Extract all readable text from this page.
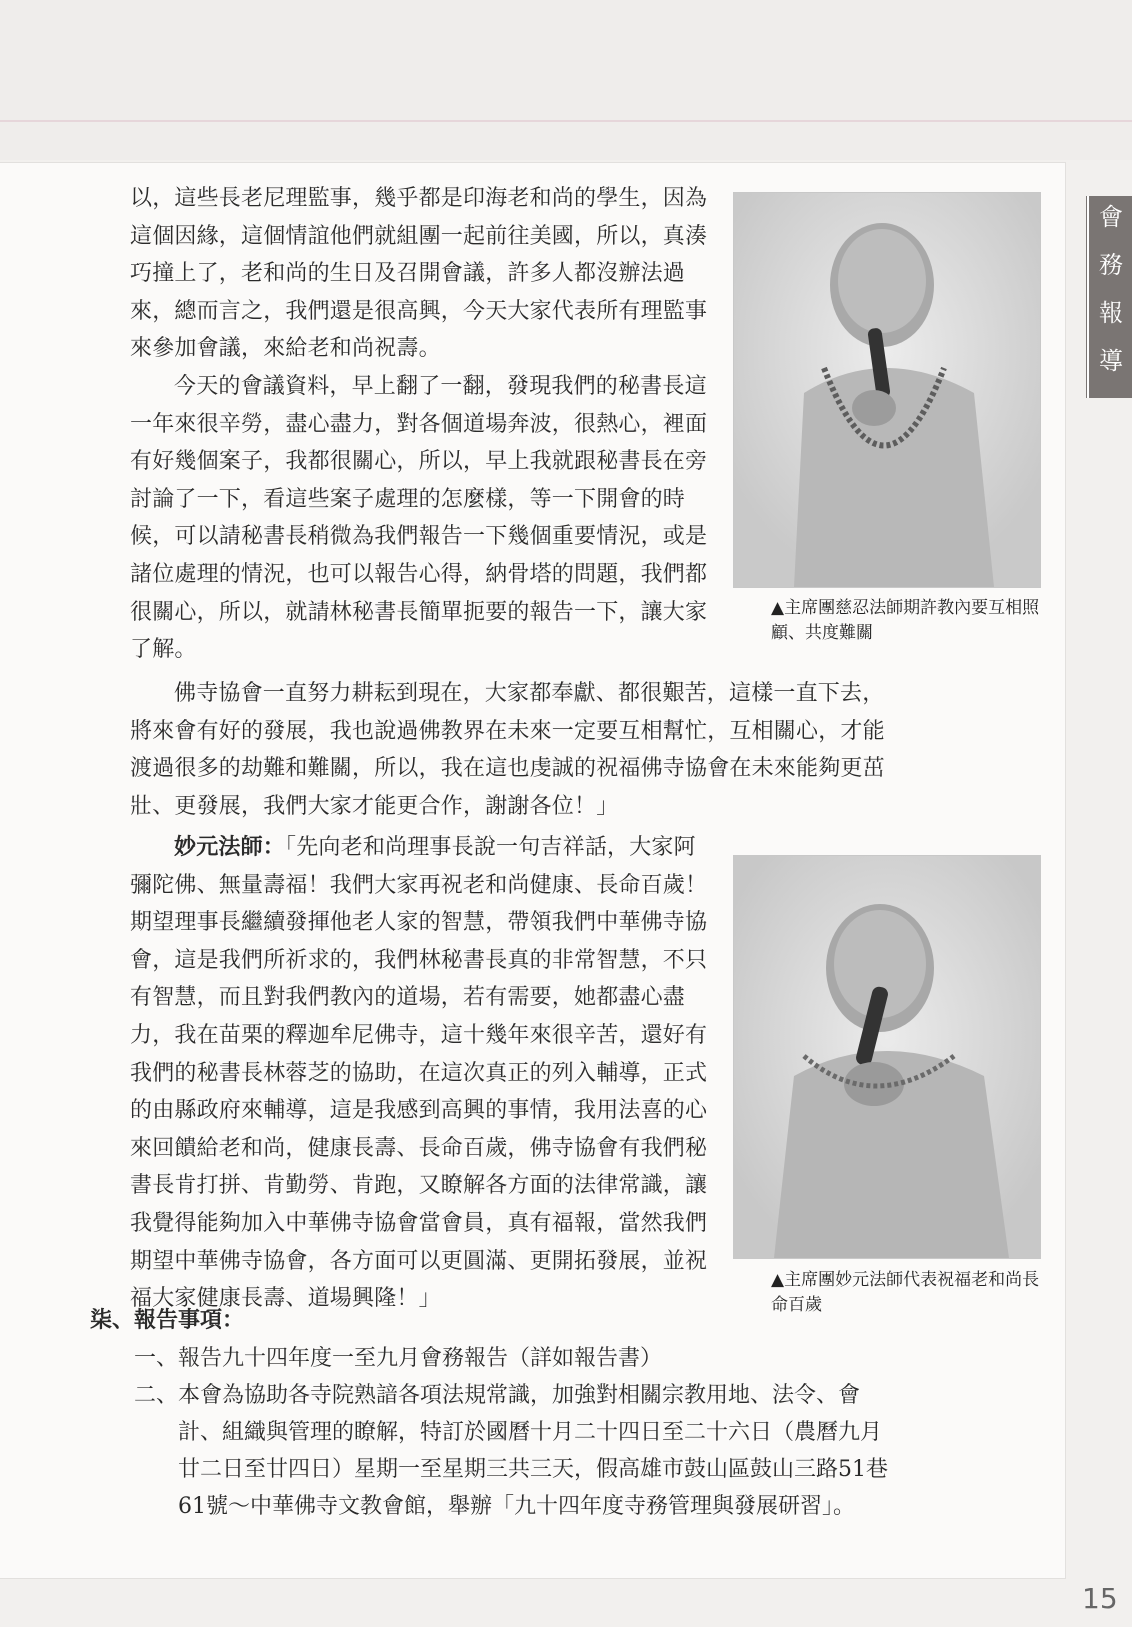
會
務
報
導

以，這些長老尼理監事，幾乎都是印海老和尚的學生，因為這個因緣，這個情誼他們就組團一起前往美國，所以，真湊巧撞上了，老和尚的生日及召開會議，許多人都沒辦法過來，總而言之，我們還是很高興，今天大家代表所有理監事來參加會議，來給老和尚祝壽。

今天的會議資料，早上翻了一翻，發現我們的秘書長這一年來很辛勞，盡心盡力，對各個道場奔波，很熱心，裡面有好幾個案子，我都很關心，所以，早上我就跟秘書長在旁討論了一下，看這些案子處理的怎麼樣，等一下開會的時候，可以請秘書長稍微為我們報告一下幾個重要情況，或是諸位處理的情況，也可以報告心得，納骨塔的問題，我們都很關心，所以，就請林秘書長簡單扼要的報告一下，讓大家了解。

▲主席團慈忍法師期許教內要互相照顧、共度難關

佛寺協會一直努力耕耘到現在，大家都奉獻、都很艱苦，這樣一直下去，將來會有好的發展，我也說過佛教界在未來一定要互相幫忙，互相關心，才能渡過很多的劫難和難關，所以，我在這也虔誠的祝福佛寺協會在未來能夠更茁壯、更發展，我們大家才能更合作，謝謝各位！」

妙元法師：「先向老和尚理事長說一句吉祥話，大家阿彌陀佛、無量壽福！我們大家再祝老和尚健康、長命百歲！期望理事長繼續發揮他老人家的智慧，帶領我們中華佛寺協會，這是我們所祈求的，我們林秘書長真的非常智慧，不只有智慧，而且對我們教內的道場，若有需要，她都盡心盡力，我在苗栗的釋迦牟尼佛寺，這十幾年來很辛苦，還好有我們的秘書長林蓉芝的協助，在這次真正的列入輔導，正式的由縣政府來輔導，這是我感到高興的事情，我用法喜的心來回饋給老和尚，健康長壽、長命百歲，佛寺協會有我們秘書長肯打拼、肯勤勞、肯跑，又瞭解各方面的法律常識，讓我覺得能夠加入中華佛寺協會當會員，真有福報，當然我們期望中華佛寺協會，各方面可以更圓滿、更開拓發展，並祝福大家健康長壽、道場興隆！」

▲主席團妙元法師代表祝福老和尚長命百歲
柒、報告事項：
一、報告九十四年度一至九月會務報告（詳如報告書）
二、 本會為協助各寺院熟諳各項法規常識，加強對相關宗教用地、法令、會計、組織與管理的瞭解，特訂於國曆十月二十四日至二十六日（農曆九月廿二日至廿四日）星期一至星期三共三天，假高雄市鼓山區鼓山三路51巷61號～中華佛寺文教會館，舉辦「九十四年度寺務管理與發展研習」。
15
